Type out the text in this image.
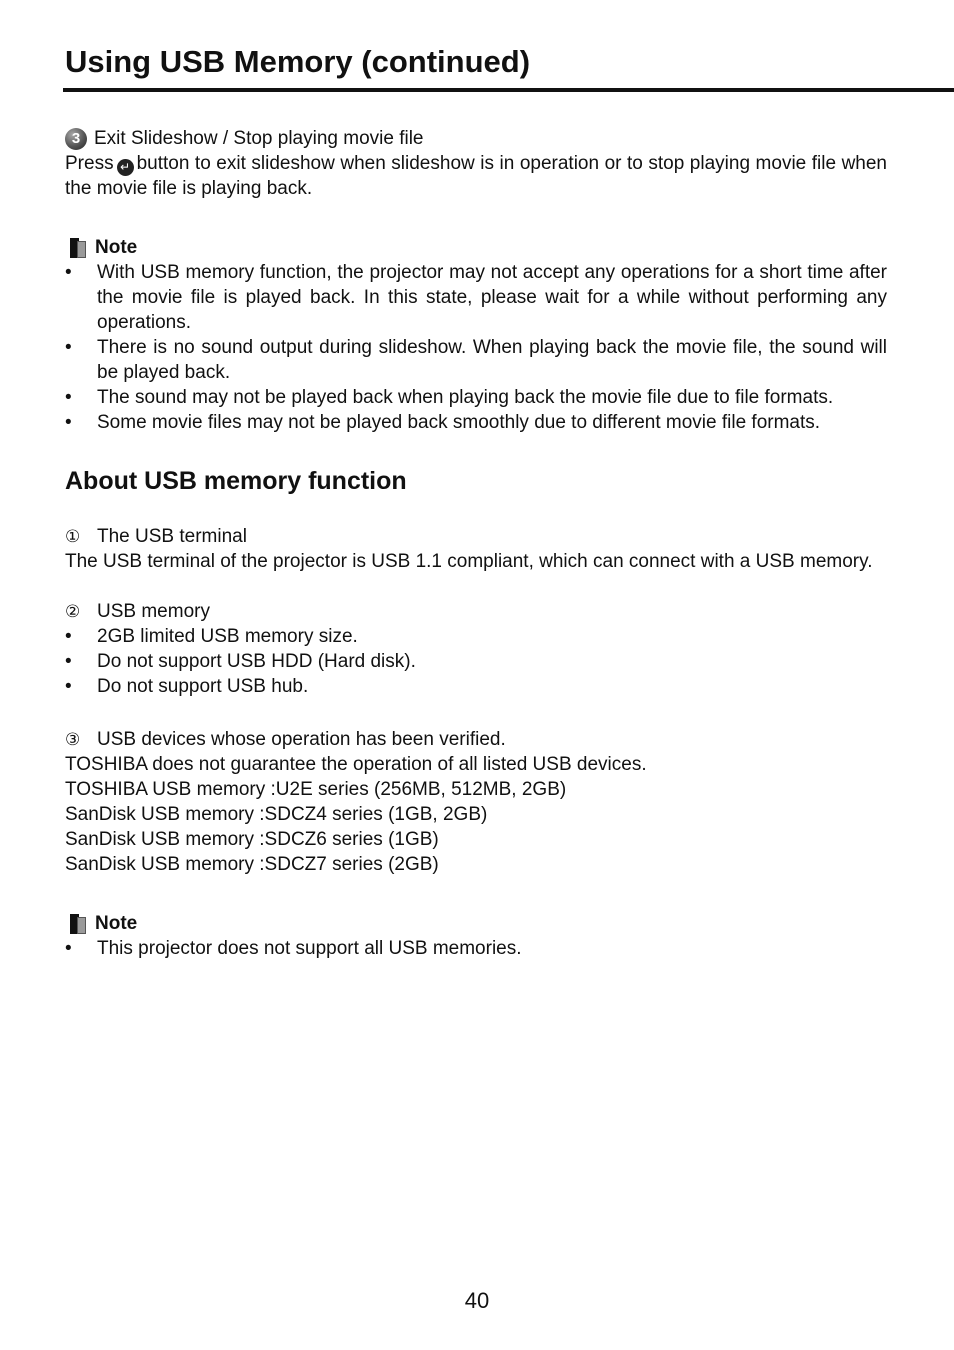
Using USB Memory (continued)
3 Exit Slideshow / Stop playing movie file

Press ↵ button to exit slideshow when slideshow is in operation or to stop playing movie file when the movie file is playing back.

Note
• With USB memory function, the projector may not accept any operations for a short time after the movie file is played back. In this state, please wait for a while without performing any operations.
• There is no sound output during slideshow. When playing back the movie file, the sound will be played back.
• The sound may not be played back when playing back the movie file due to file formats.
• Some movie files may not be played back smoothly due to different movie file formats.
About USB memory function
① The USB terminal

The USB terminal of the projector is USB 1.1 compliant, which can connect with a USB memory.

② USB memory
• 2GB limited USB memory size.
• Do not support USB HDD (Hard disk).
• Do not support USB hub.
③ USB devices whose operation has been verified.

TOSHIBA does not guarantee the operation of all listed USB devices.

TOSHIBA USB memory :U2E series (256MB, 512MB, 2GB)

SanDisk USB memory :SDCZ4 series (1GB, 2GB)

SanDisk USB memory :SDCZ6 series (1GB)

SanDisk USB memory :SDCZ7 series (2GB)

Note
• This projector does not support all USB memories.
40
